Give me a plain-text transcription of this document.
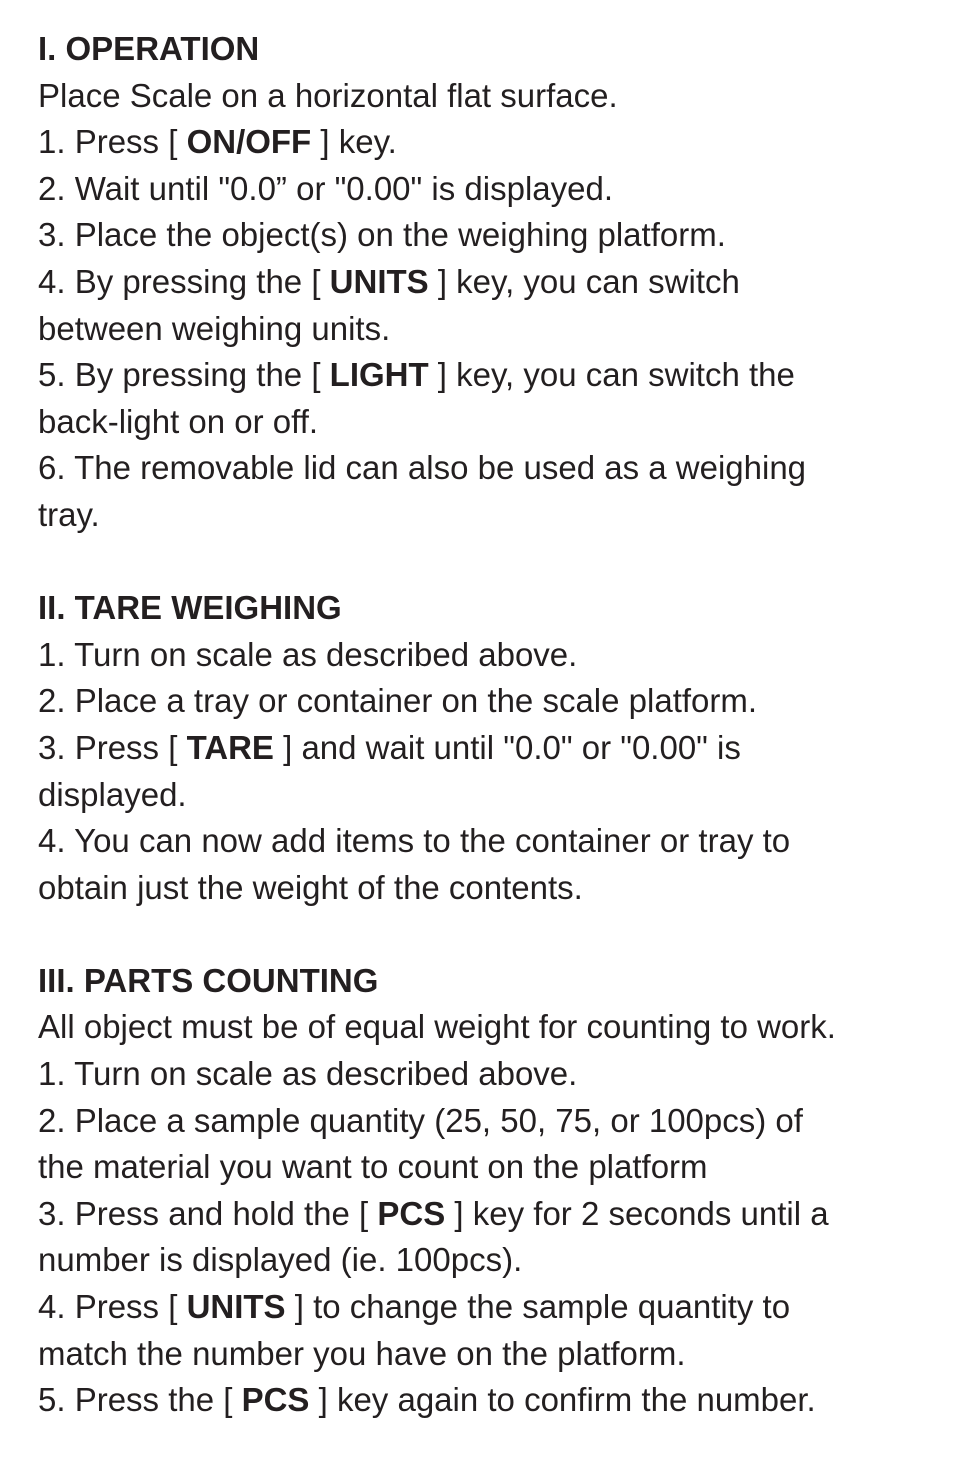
I. OPERATION
Place Scale on a horizontal flat surface.
1. Press [ ON/OFF ] key.
2. Wait until "0.0” or "0.00" is displayed.
3. Place the object(s) on the weighing platform.
4. By pressing the [ UNITS ] key, you can switch
between weighing units.
5. By pressing the [ LIGHT ] key, you can switch the
back-light on or off.
6. The removable lid can also be used as a weighing
tray.
II. TARE WEIGHING
1. Turn on scale as described above.
2. Place a tray or container on the scale platform.
3. Press [ TARE ] and wait until "0.0" or "0.00" is
displayed.
4. You can now add items to the container or tray to
obtain just the weight of the contents.
III. PARTS COUNTING
All object must be of equal weight for counting to work.
1. Turn on scale as described above.
2. Place a sample quantity (25, 50, 75, or 100pcs) of
the material you want to count on the platform
3. Press and hold the [ PCS ] key for 2 seconds until a
number is displayed (ie. 100pcs).
4. Press [ UNITS ] to change the sample quantity to
match the number you have on the platform.
5. Press the [ PCS ] key again to confirm the number.
